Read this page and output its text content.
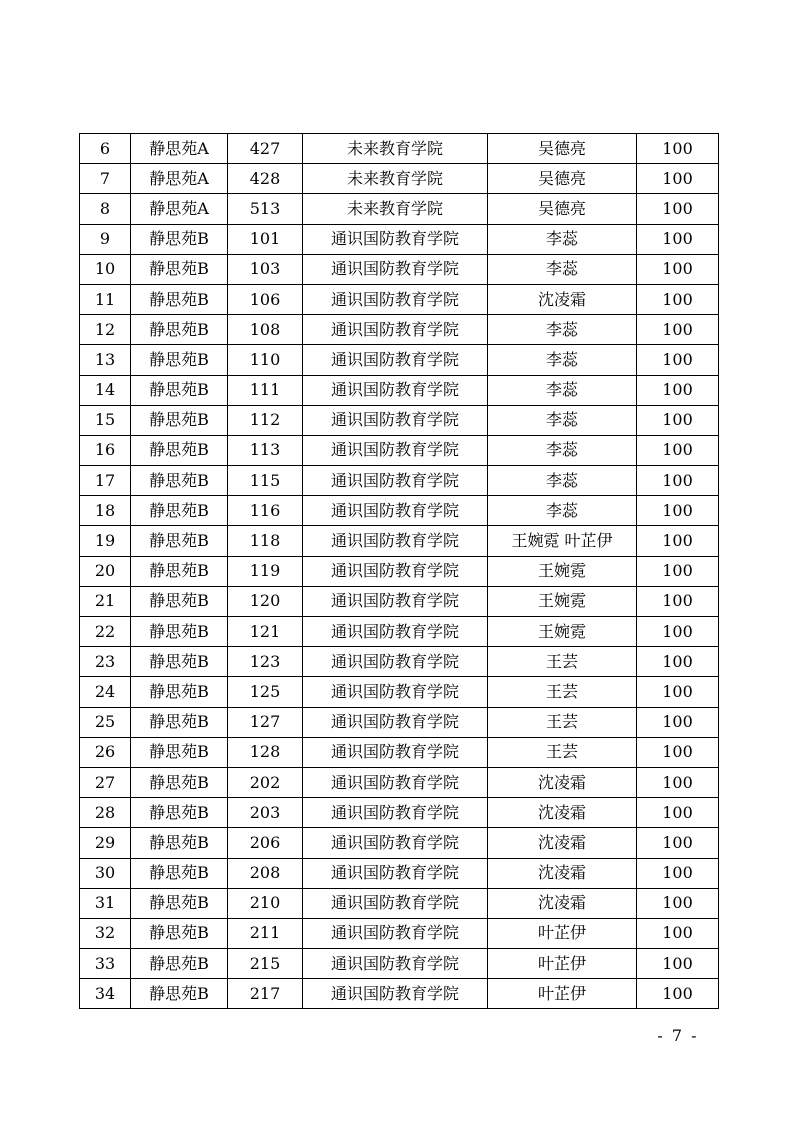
6	静思苑A	427	未来教育学院	吴德亮	100
7	静思苑A	428	未来教育学院	吴德亮	100
8	静思苑A	513	未来教育学院	吴德亮	100
9	静思苑B	101	通识国防教育学院	李蕊	100
10	静思苑B	103	通识国防教育学院	李蕊	100
11	静思苑B	106	通识国防教育学院	沈凌霜	100
12	静思苑B	108	通识国防教育学院	李蕊	100
13	静思苑B	110	通识国防教育学院	李蕊	100
14	静思苑B	111	通识国防教育学院	李蕊	100
15	静思苑B	112	通识国防教育学院	李蕊	100
16	静思苑B	113	通识国防教育学院	李蕊	100
17	静思苑B	115	通识国防教育学院	李蕊	100
18	静思苑B	116	通识国防教育学院	李蕊	100
19	静思苑B	118	通识国防教育学院	王婉霓 叶芷伊	100
20	静思苑B	119	通识国防教育学院	王婉霓	100
21	静思苑B	120	通识国防教育学院	王婉霓	100
22	静思苑B	121	通识国防教育学院	王婉霓	100
23	静思苑B	123	通识国防教育学院	王芸	100
24	静思苑B	125	通识国防教育学院	王芸	100
25	静思苑B	127	通识国防教育学院	王芸	100
26	静思苑B	128	通识国防教育学院	王芸	100
27	静思苑B	202	通识国防教育学院	沈凌霜	100
28	静思苑B	203	通识国防教育学院	沈凌霜	100
29	静思苑B	206	通识国防教育学院	沈凌霜	100
30	静思苑B	208	通识国防教育学院	沈凌霜	100
31	静思苑B	210	通识国防教育学院	沈凌霜	100
32	静思苑B	211	通识国防教育学院	叶芷伊	100
33	静思苑B	215	通识国防教育学院	叶芷伊	100
34	静思苑B	217	通识国防教育学院	叶芷伊	100
- 7 -
